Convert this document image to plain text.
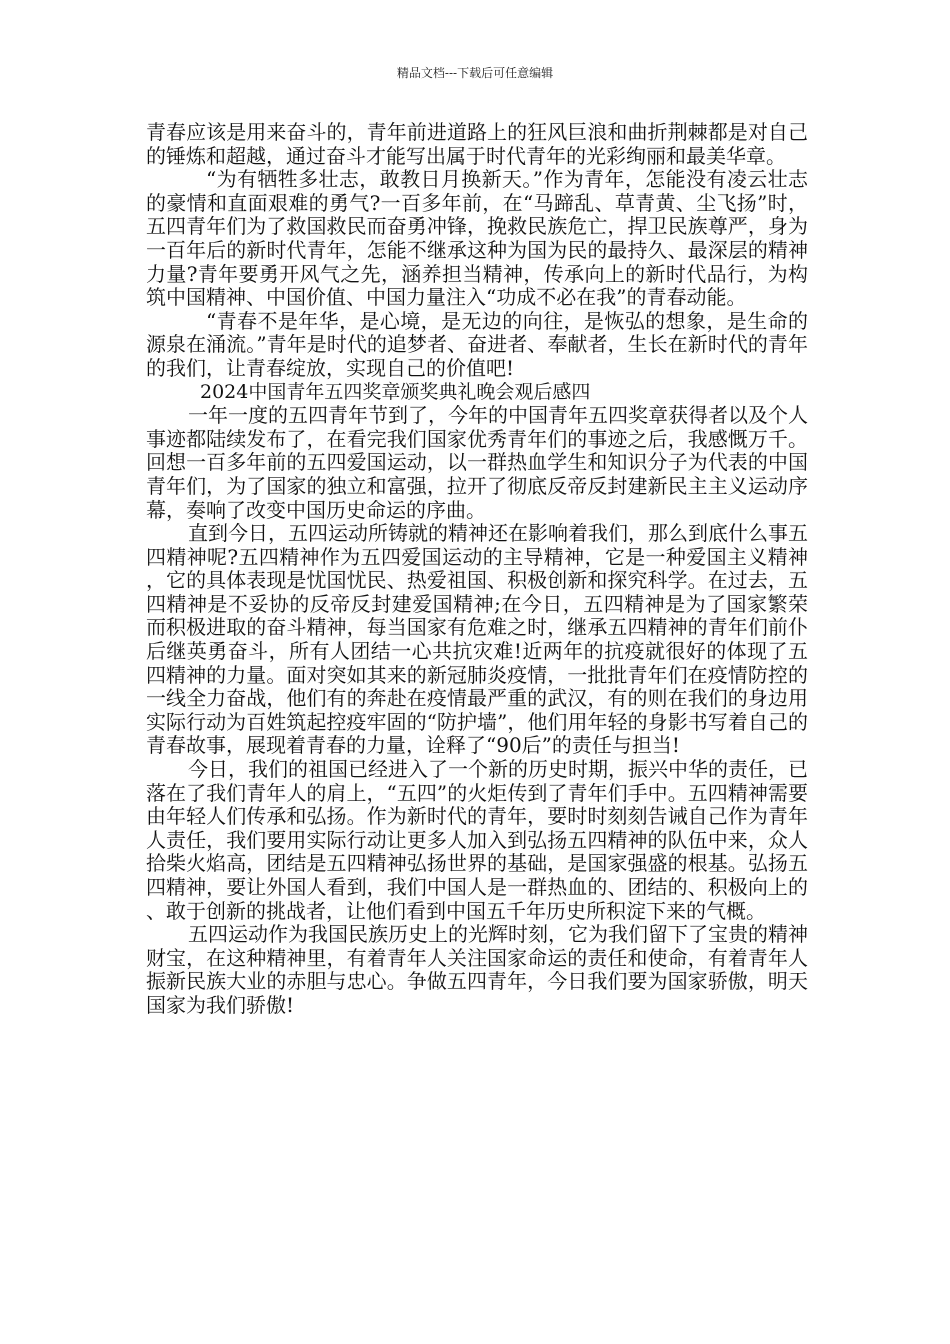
精品文档---下载后可任意编辑

青春应该是用来奋斗的，青年前进道路上的狂风巨浪和曲折荆棘都是对自己的锤炼和超越，通过奋斗才能写出属于时代青年的光彩绚丽和最美华章。

“为有牺牲多壮志，敢教日月换新天。”作为青年，怎能没有凌云壮志的豪情和直面艰难的勇气?一百多年前，在“马蹄乱、草青黄、尘飞扬”时，五四青年们为了救国救民而奋勇冲锋，挽救民族危亡，捍卫民族尊严，身为一百年后的新时代青年，怎能不继承这种为国为民的最持久、最深层的精神力量?青年要勇开风气之先，涵养担当精神，传承向上的新时代品行，为构筑中国精神、中国价值、中国力量注入“功成不必在我”的青春动能。

“青春不是年华，是心境，是无边的向往，是恢弘的想象，是生命的源泉在涌流。”青年是时代的追梦者、奋进者、奉献者，生长在新时代的青年的我们，让青春绽放，实现自己的价值吧!

2024中国青年五四奖章颁奖典礼晚会观后感四

一年一度的五四青年节到了，今年的中国青年五四奖章获得者以及个人事迹都陆续发布了，在看完我们国家优秀青年们的事迹之后，我感慨万千。回想一百多年前的五四爱国运动，以一群热血学生和知识分子为代表的中国青年们，为了国家的独立和富强，拉开了彻底反帝反封建新民主主义运动序幕，奏响了改变中国历史命运的序曲。

直到今日，五四运动所铸就的精神还在影响着我们，那么到底什么事五四精神呢?五四精神作为五四爱国运动的主导精神，它是一种爱国主义精神，它的具体表现是忧国忧民、热爱祖国、积极创新和探究科学。在过去，五四精神是不妥协的反帝反封建爱国精神;在今日，五四精神是为了国家繁荣而积极进取的奋斗精神，每当国家有危难之时，继承五四精神的青年们前仆后继英勇奋斗，所有人团结一心共抗灾难!近两年的抗疫就很好的体现了五四精神的力量。面对突如其来的新冠肺炎疫情，一批批青年们在疫情防控的一线全力奋战，他们有的奔赴在疫情最严重的武汉，有的则在我们的身边用实际行动为百姓筑起控疫牢固的“防护墙”，他们用年轻的身影书写着自己的青春故事，展现着青春的力量，诠释了“90后”的责任与担当!

今日，我们的祖国已经进入了一个新的历史时期，振兴中华的责任，已落在了我们青年人的肩上，“五四”的火炬传到了青年们手中。五四精神需要由年轻人们传承和弘扬。作为新时代的青年，要时时刻刻告诫自己作为青年人责任，我们要用实际行动让更多人加入到弘扬五四精神的队伍中来，众人拾柴火焰高，团结是五四精神弘扬世界的基础，是国家强盛的根基。弘扬五四精神，要让外国人看到，我们中国人是一群热血的、团结的、积极向上的、敢于创新的挑战者，让他们看到中国五千年历史所积淀下来的气概。

五四运动作为我国民族历史上的光辉时刻，它为我们留下了宝贵的精神财宝，在这种精神里，有着青年人关注国家命运的责任和使命，有着青年人振新民族大业的赤胆与忠心。争做五四青年，今日我们要为国家骄傲，明天国家为我们骄傲!
